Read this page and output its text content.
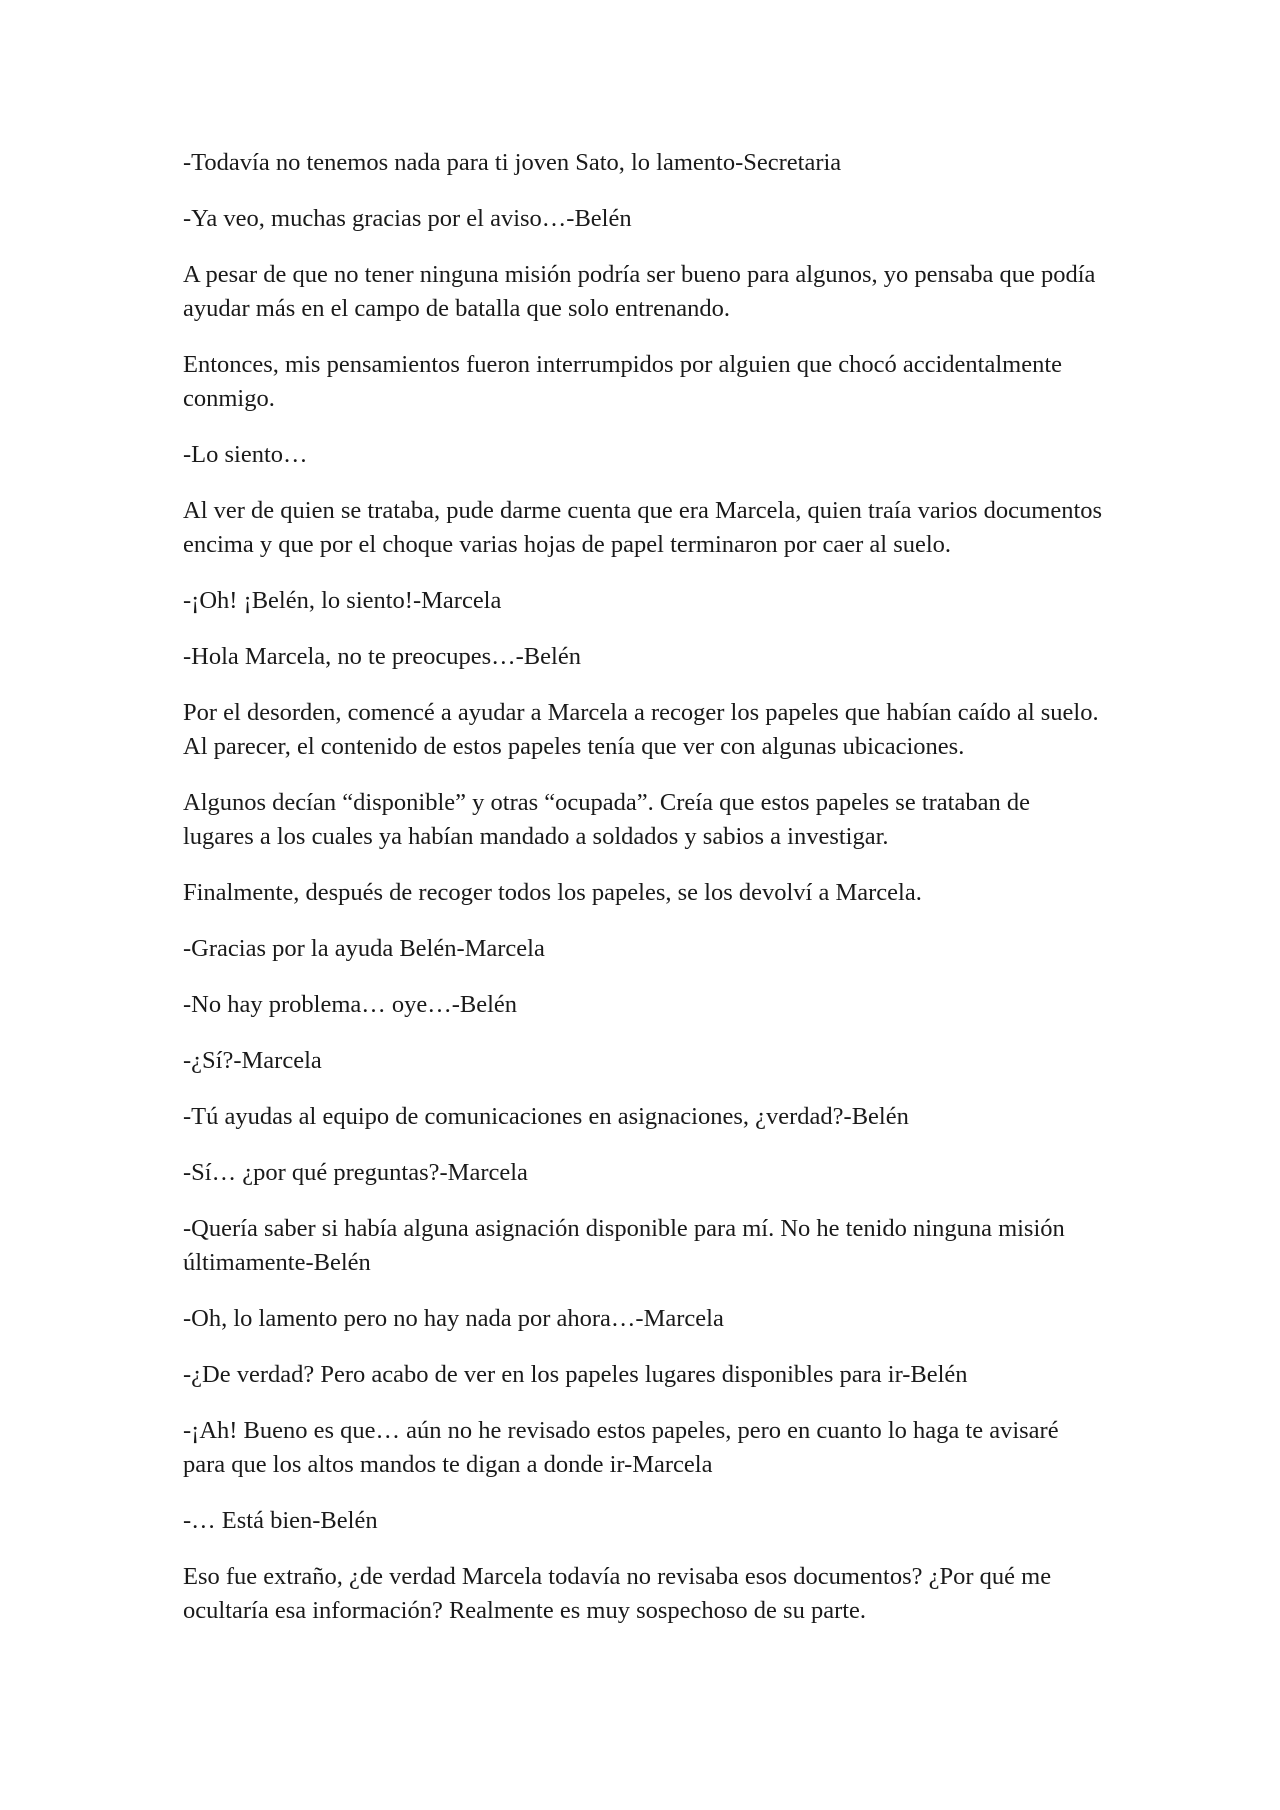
-Todavía no tenemos nada para ti joven Sato, lo lamento-Secretaria

-Ya veo, muchas gracias por el aviso…-Belén

A pesar de que no tener ninguna misión podría ser bueno para algunos, yo pensaba que podía ayudar más en el campo de batalla que solo entrenando.

Entonces, mis pensamientos fueron interrumpidos por alguien que chocó accidentalmente conmigo.

-Lo siento…

Al ver de quien se trataba, pude darme cuenta que era Marcela, quien traía varios documentos encima y que por el choque varias hojas de papel terminaron por caer al suelo.

-¡Oh! ¡Belén, lo siento!-Marcela

-Hola Marcela, no te preocupes…-Belén

Por el desorden, comencé a ayudar a Marcela a recoger los papeles que habían caído al suelo. Al parecer, el contenido de estos papeles tenía que ver con algunas ubicaciones.

Algunos decían “disponible” y otras “ocupada”. Creía que estos papeles se trataban de lugares a los cuales ya habían mandado a soldados y sabios a investigar.

Finalmente, después de recoger todos los papeles, se los devolví a Marcela.

-Gracias por la ayuda Belén-Marcela

-No hay problema… oye…-Belén

-¿Sí?-Marcela

-Tú ayudas al equipo de comunicaciones en asignaciones, ¿verdad?-Belén

-Sí… ¿por qué preguntas?-Marcela

-Quería saber si había alguna asignación disponible para mí. No he tenido ninguna misión últimamente-Belén

-Oh, lo lamento pero no hay nada por ahora…-Marcela

-¿De verdad? Pero acabo de ver en los papeles lugares disponibles para ir-Belén

-¡Ah! Bueno es que… aún no he revisado estos papeles, pero en cuanto lo haga te avisaré para que los altos mandos te digan a donde ir-Marcela

-… Está bien-Belén

Eso fue extraño, ¿de verdad Marcela todavía no revisaba esos documentos? ¿Por qué me ocultaría esa información? Realmente es muy sospechoso de su parte.
